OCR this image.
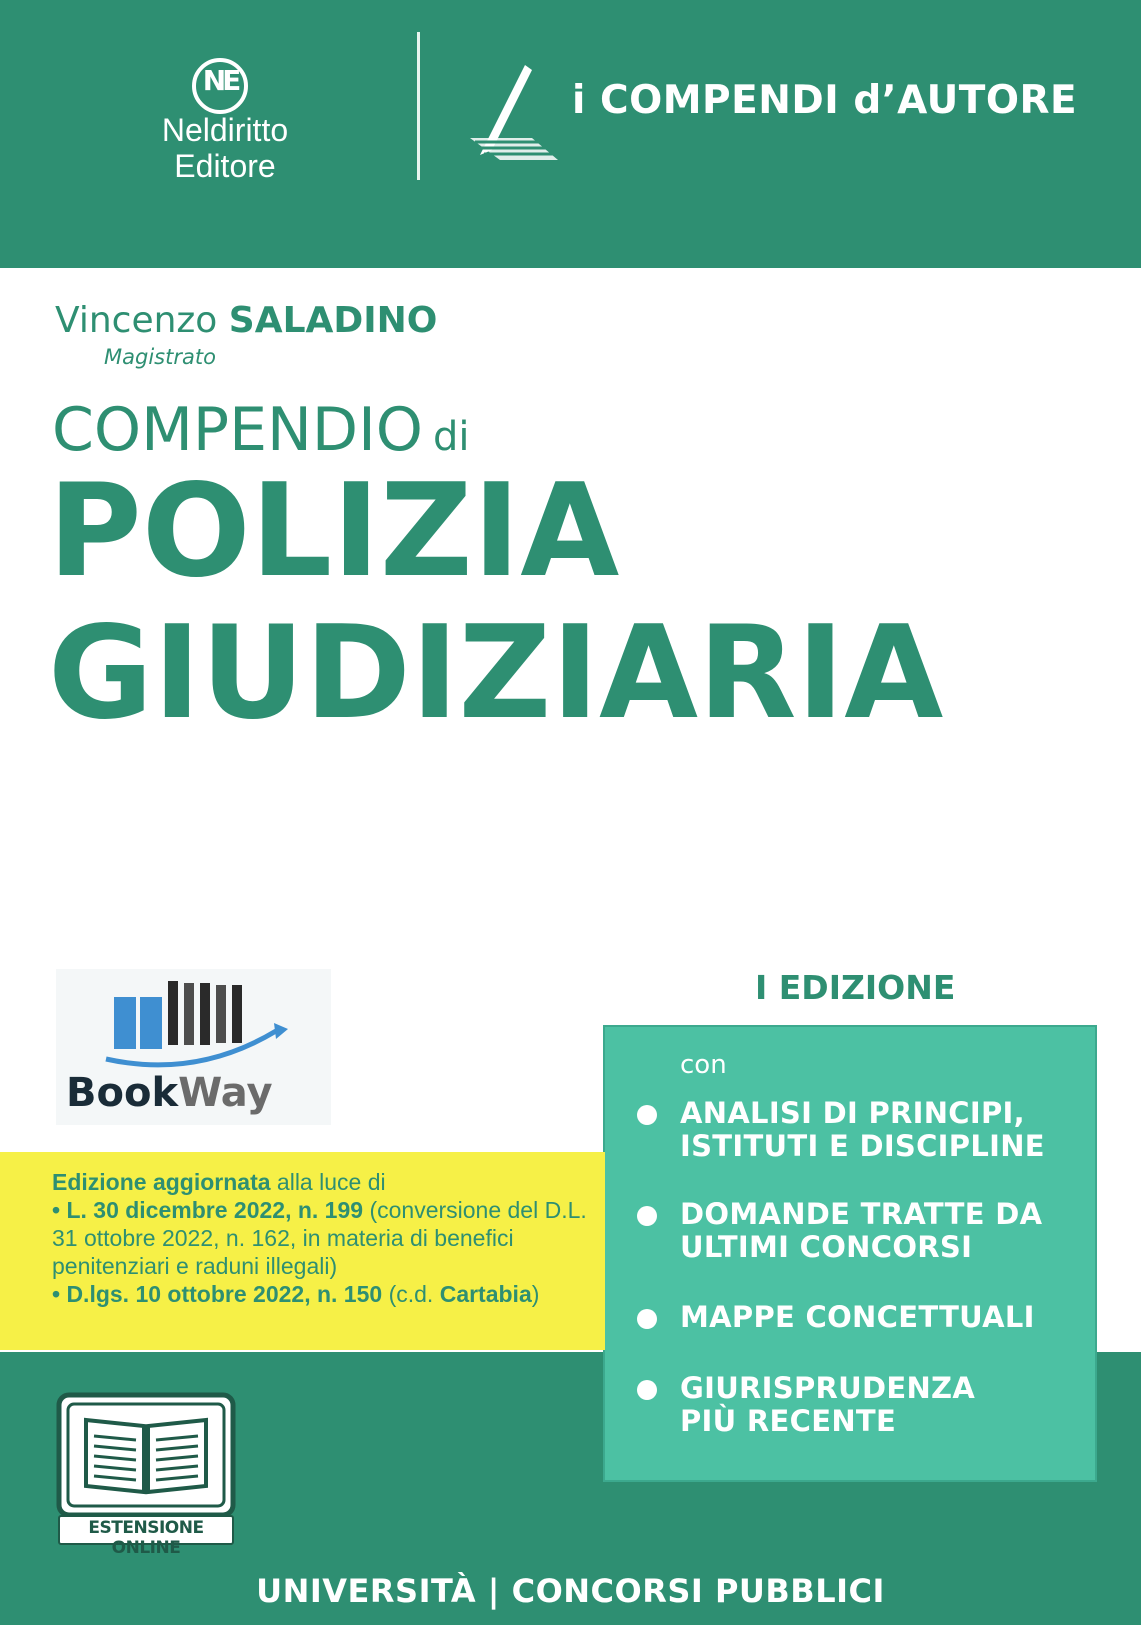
NE
Neldiritto
Editore
i COMPENDI d’AUTORE
Vincenzo SALADINO
Magistrato
COMPENDIO di
POLIZIA
GIUDIZIARIA
BookWay
I EDIZIONE
con
ANALISI DI PRINCIPI,
ISTITUTI E DISCIPLINE
DOMANDE TRATTE DA
ULTIMI CONCORSI
MAPPE CONCETTUALI
GIURISPRUDENZA
PIÙ RECENTE
Edizione aggiornata alla luce di
• L. 30 dicembre 2022, n. 199 (conversione del D.L. 31 ottobre 2022, n. 162, in materia di benefici penitenziari e raduni illegali)
• D.lgs. 10 ottobre 2022, n. 150 (c.d. Cartabia)
ESTENSIONE ONLINE
UNIVERSITÀ | CONCORSI PUBBLICI
